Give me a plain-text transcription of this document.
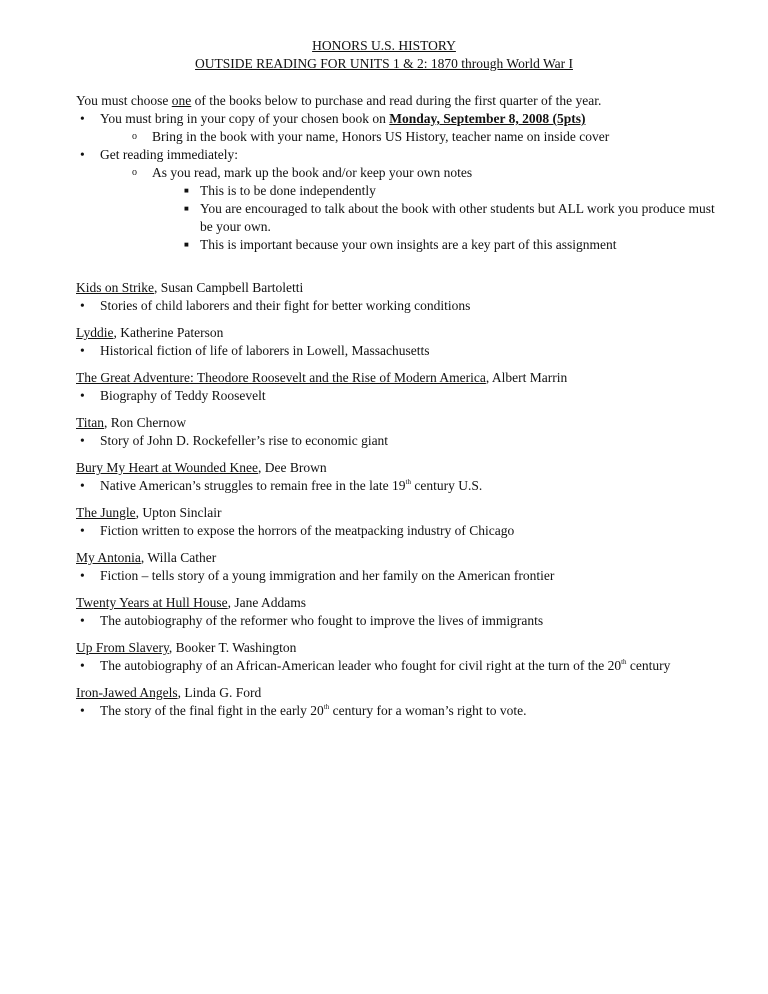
HONORS U.S. HISTORY
OUTSIDE READING FOR UNITS 1 & 2: 1870 through World War I
You must choose one of the books below to purchase and read during the first quarter of the year.
• You must bring in your copy of your chosen book on Monday, September 8, 2008 (5pts)
o Bring in the book with your name, Honors US History, teacher name on inside cover
• Get reading immediately:
o As you read, mark up the book and/or keep your own notes
■ This is to be done independently
■ You are encouraged to talk about the book with other students but ALL work you produce must be your own.
■ This is important because your own insights are a key part of this assignment
Kids on Strike, Susan Campbell Bartoletti
• Stories of child laborers and their fight for better working conditions
Lyddie, Katherine Paterson
• Historical fiction of life of laborers in Lowell, Massachusetts
The Great Adventure: Theodore Roosevelt and the Rise of Modern America, Albert Marrin
• Biography of Teddy Roosevelt
Titan, Ron Chernow
• Story of John D. Rockefeller’s rise to economic giant
Bury My Heart at Wounded Knee, Dee Brown
• Native American’s struggles to remain free in the late 19th century U.S.
The Jungle, Upton Sinclair
• Fiction written to expose the horrors of the meatpacking industry of Chicago
My Antonia, Willa Cather
• Fiction – tells story of a young immigration and her family on the American frontier
Twenty Years at Hull House, Jane Addams
• The autobiography of the reformer who fought to improve the lives of immigrants
Up From Slavery, Booker T. Washington
• The autobiography of an African-American leader who fought for civil right at the turn of the 20th century
Iron-Jawed Angels, Linda G. Ford
• The story of the final fight in the early 20th century for a woman’s right to vote.
